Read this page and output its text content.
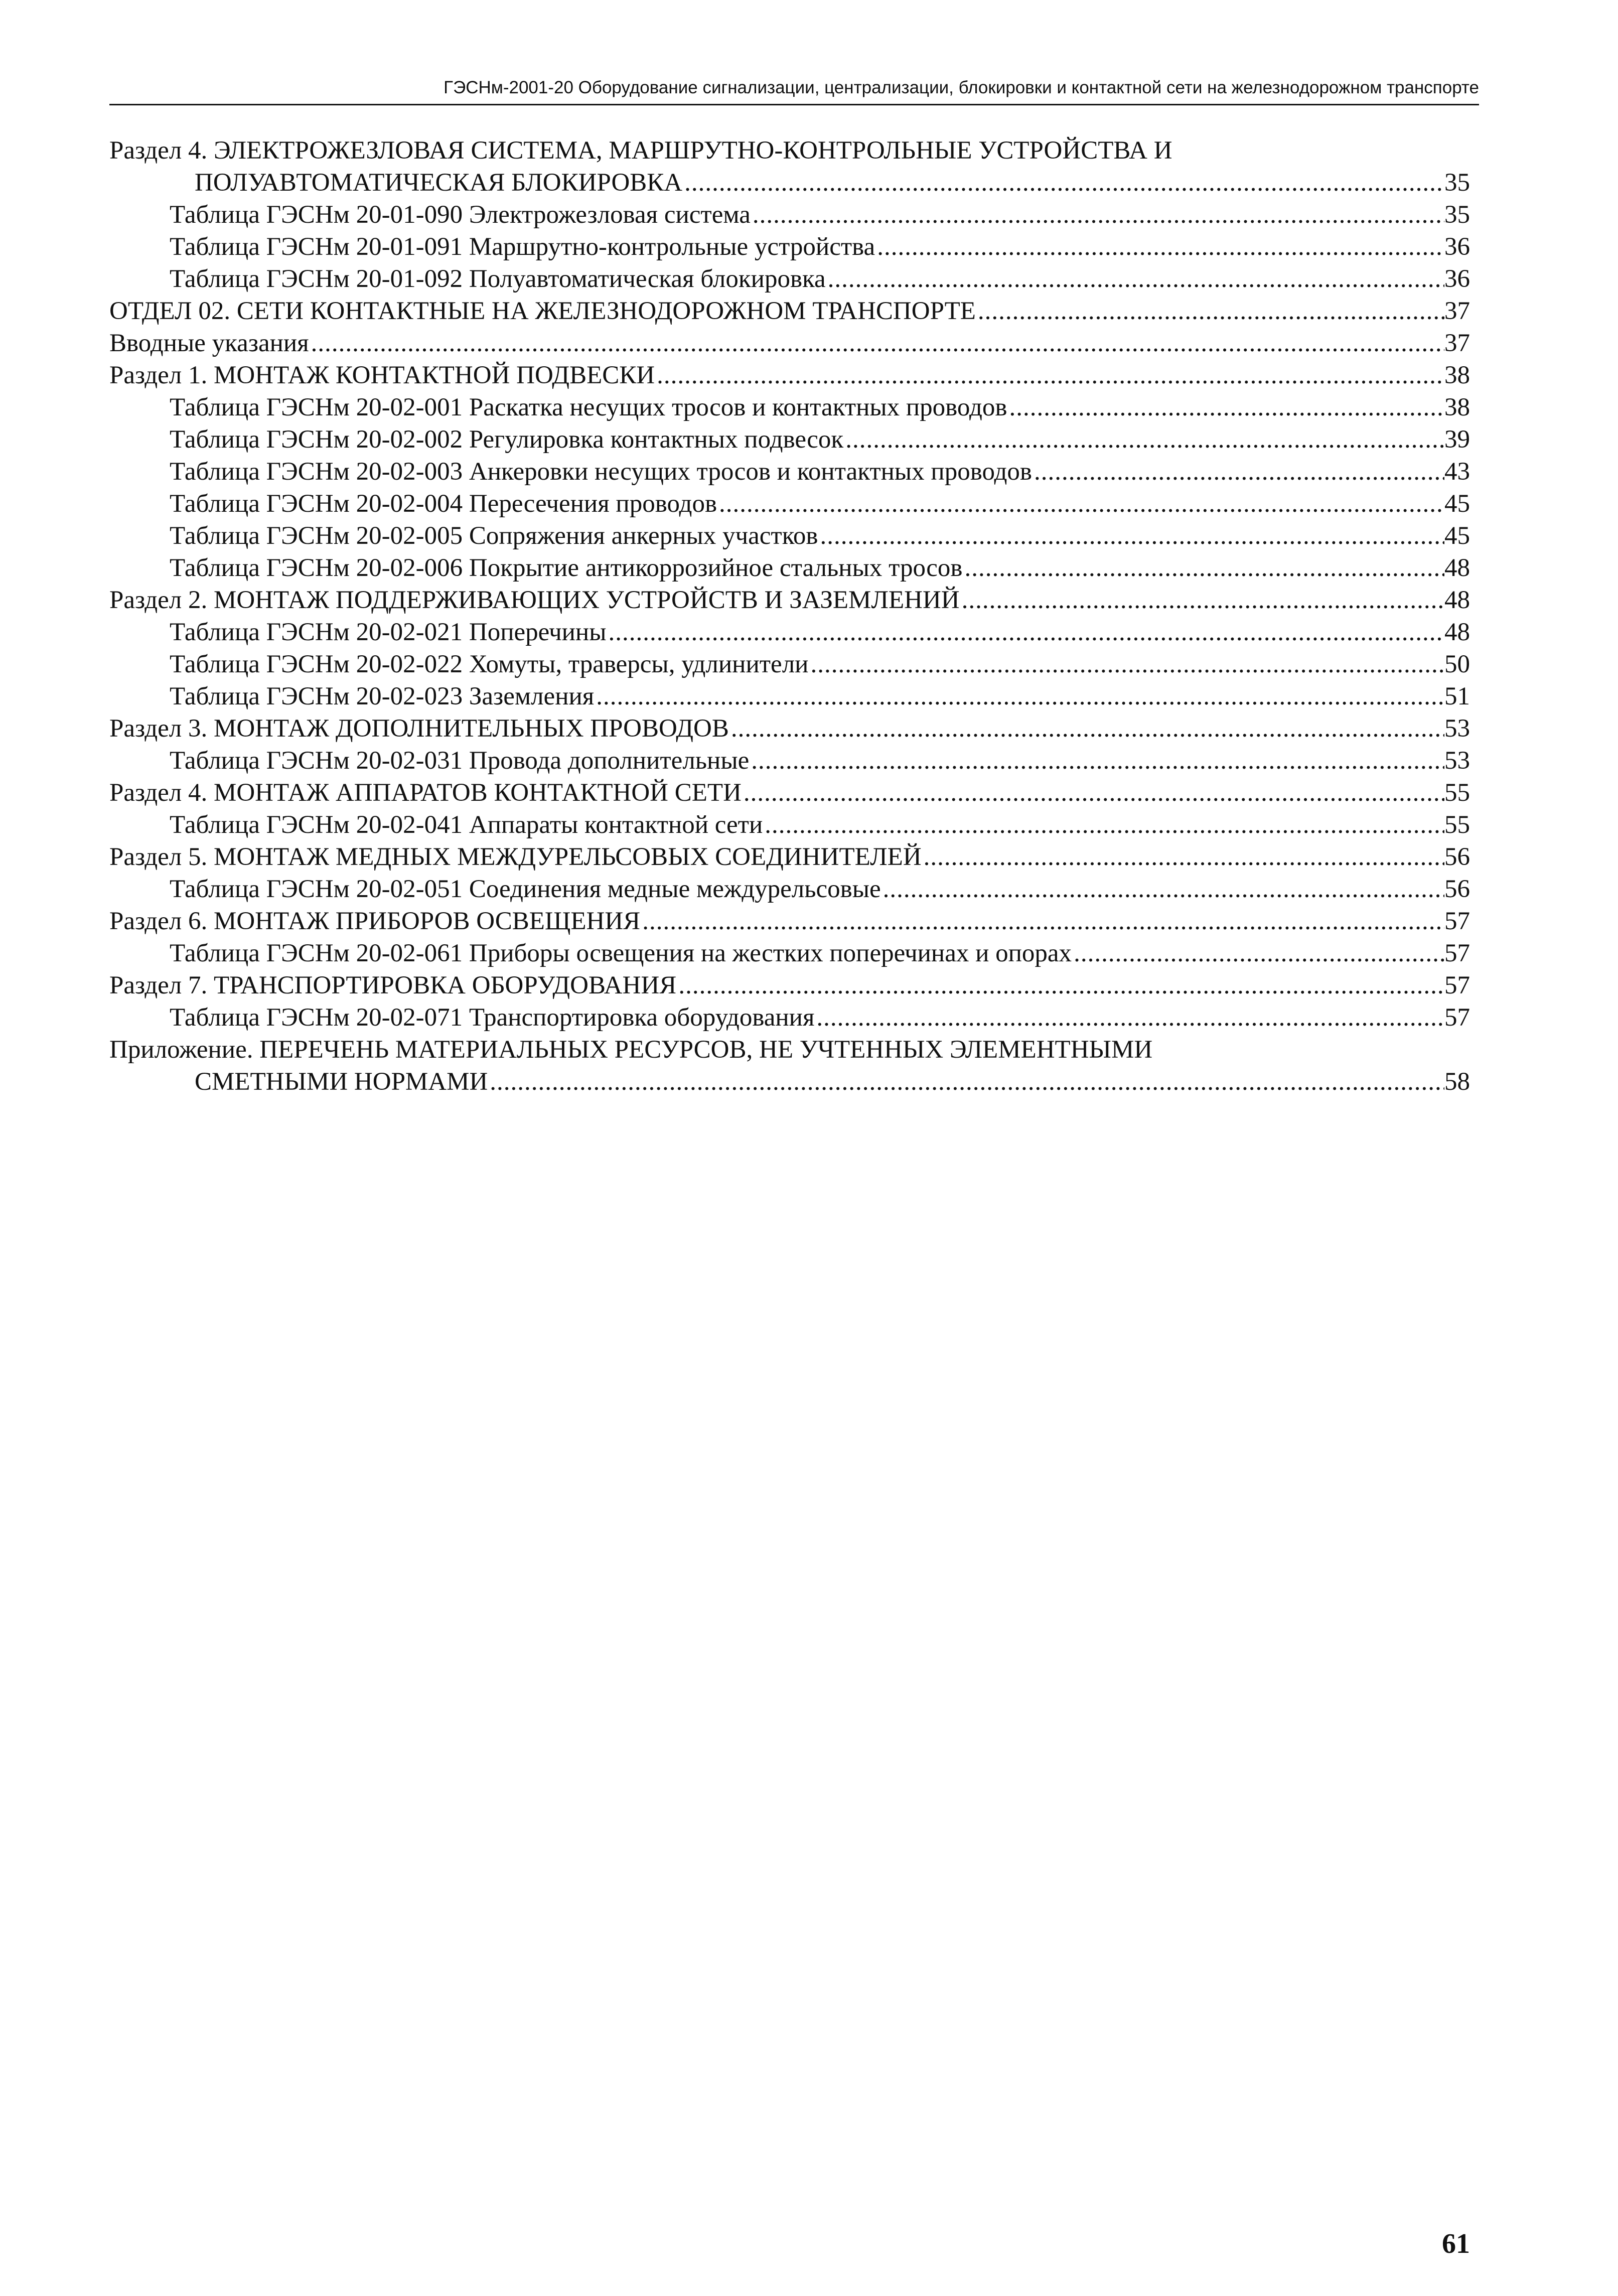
ГЭСНм-2001-20 Оборудование сигнализации, централизации, блокировки и контактной сети на железнодорожном транспорте
Раздел 4. ЭЛЕКТРОЖЕЗЛОВАЯ СИСТЕМА, МАРШРУТНО-КОНТРОЛЬНЫЕ УСТРОЙСТВА И
ПОЛУАВТОМАТИЧЕСКАЯ БЛОКИРОВКА .....	35
Таблица ГЭСНм 20-01-090 Электрожезловая система .....	35
Таблица ГЭСНм 20-01-091 Маршрутно-контрольные устройства .....	36
Таблица ГЭСНм 20-01-092 Полуавтоматическая блокировка .....	36
ОТДЕЛ 02. СЕТИ КОНТАКТНЫЕ НА ЖЕЛЕЗНОДОРОЖНОМ ТРАНСПОРТЕ .....	37
Вводные указания .....	37
Раздел 1. МОНТАЖ КОНТАКТНОЙ ПОДВЕСКИ .....	38
Таблица ГЭСНм 20-02-001 Раскатка несущих тросов и контактных проводов .....	38
Таблица ГЭСНм 20-02-002 Регулировка контактных подвесок .....	39
Таблица ГЭСНм 20-02-003 Анкеровки несущих тросов и контактных проводов .....	43
Таблица ГЭСНм 20-02-004 Пересечения проводов .....	45
Таблица ГЭСНм 20-02-005 Сопряжения анкерных участков .....	45
Таблица ГЭСНм 20-02-006 Покрытие антикоррозийное стальных тросов .....	48
Раздел 2. МОНТАЖ ПОДДЕРЖИВАЮЩИХ УСТРОЙСТВ И ЗАЗЕМЛЕНИЙ .....	48
Таблица ГЭСНм 20-02-021 Поперечины .....	48
Таблица ГЭСНм 20-02-022 Хомуты, траверсы, удлинители .....	50
Таблица ГЭСНм 20-02-023 Заземления .....	51
Раздел 3. МОНТАЖ ДОПОЛНИТЕЛЬНЫХ ПРОВОДОВ .....	53
Таблица ГЭСНм 20-02-031 Провода дополнительные .....	53
Раздел 4. МОНТАЖ АППАРАТОВ КОНТАКТНОЙ СЕТИ .....	55
Таблица ГЭСНм 20-02-041 Аппараты контактной сети .....	55
Раздел 5. МОНТАЖ МЕДНЫХ МЕЖДУРЕЛЬСОВЫХ СОЕДИНИТЕЛЕЙ .....	56
Таблица ГЭСНм 20-02-051 Соединения медные междурельсовые .....	56
Раздел 6. МОНТАЖ ПРИБОРОВ ОСВЕЩЕНИЯ .....	57
Таблица ГЭСНм 20-02-061 Приборы освещения на жестких поперечинах и опорах .....	57
Раздел 7. ТРАНСПОРТИРОВКА ОБОРУДОВАНИЯ .....	57
Таблица ГЭСНм 20-02-071 Транспортировка оборудования .....	57
Приложение. ПЕРЕЧЕНЬ МАТЕРИАЛЬНЫХ РЕСУРСОВ, НЕ УЧТЕННЫХ ЭЛЕМЕНТНЫМИ
СМЕТНЫМИ НОРМАМИ .....	58
61
